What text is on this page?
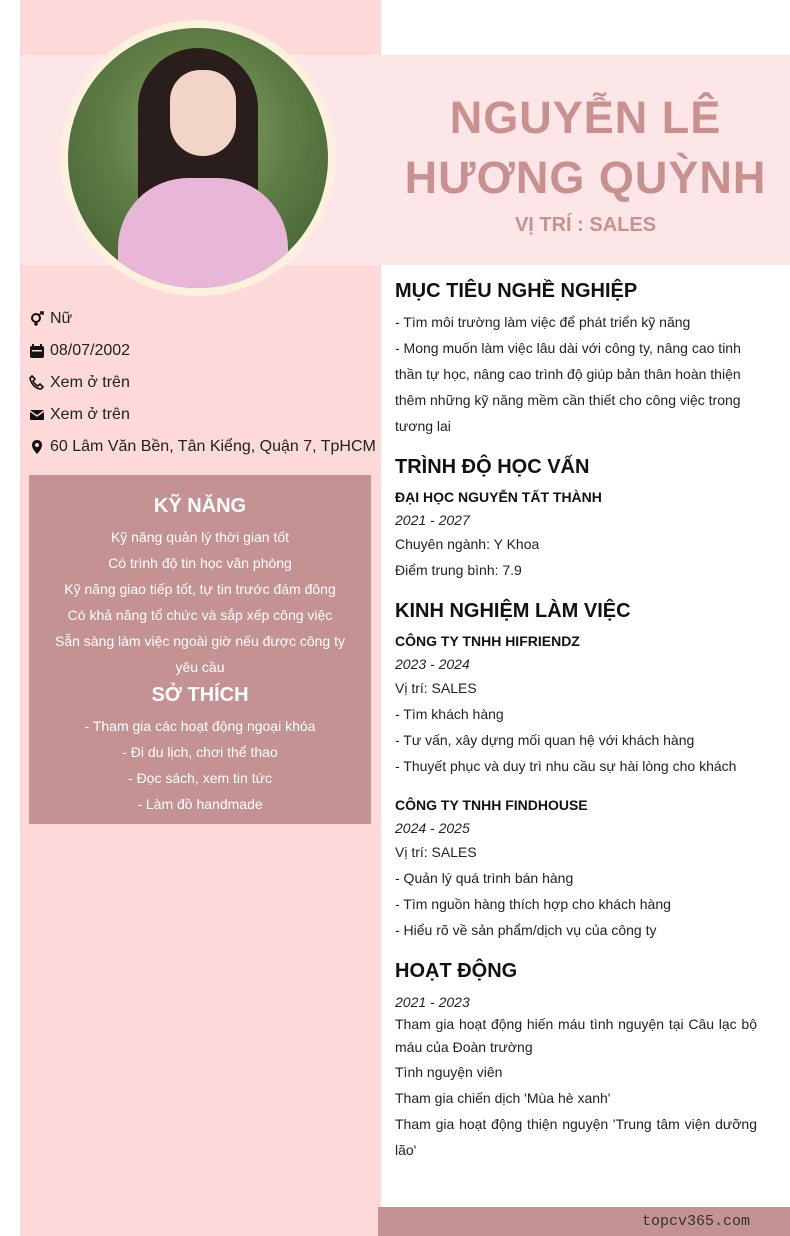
NGUYỄN LÊ

HƯƠNG QUỲNH

VỊ TRÍ : SALES
Nữ
08/07/2002
Xem ở trên
Xem ở trên
60 Lâm Văn Bền, Tân Kiểng, Quận 7, TpHCM

KỸ NĂNG

Kỹ năng quản lý thời gian tốt
Có trình độ tin học văn phòng
Kỹ năng giao tiếp tốt, tự tin trước đám đông
Có khả năng tổ chức và sắp xếp công việc
Sẵn sàng làm việc ngoài giờ nếu được công ty yêu cầu

SỞ THÍCH

- Tham gia các hoạt động ngoại khóa
- Đi du lịch, chơi thể thao
- Đọc sách, xem tin tức
- Làm đồ handmade

MỤC TIÊU NGHỀ NGHIỆP

- Tìm môi trường làm việc để phát triển kỹ năng
- Mong muốn làm việc lâu dài với công ty, nâng cao tinh thần tự học, nâng cao trình độ giúp bản thân hoàn thiện thêm những kỹ năng mềm cần thiết cho công việc trong tương lai

TRÌNH ĐỘ HỌC VẤN

ĐẠI HỌC NGUYỄN TẤT THÀNH
2021 - 2027
Chuyên ngành: Y Khoa
Điểm trung bình: 7.9

KINH NGHIỆM LÀM VIỆC

CÔNG TY TNHH HIFRIENDZ
2023 - 2024
Vị trí: SALES
- Tìm khách hàng
- Tư vấn, xây dựng mối quan hệ với khách hàng
- Thuyết phục và duy trì nhu cầu sự hài lòng cho khách
CÔNG TY TNHH FINDHOUSE
2024 - 2025
Vị trí: SALES
- Quản lý quá trình bán hàng
- Tìm nguồn hàng thích hợp cho khách hàng
- Hiểu rõ về sản phẩm/dịch vụ của công ty

HOẠT ĐỘNG

2021 - 2023
Tham gia hoạt động hiến máu tình nguyện tại Câu lạc bộ máu của Đoàn trường
Tình nguyện viên
Tham gia chiến dịch 'Mùa hè xanh'
Tham gia hoạt động thiện nguyện 'Trung tâm viện dưỡng lão'
topcv365.com
